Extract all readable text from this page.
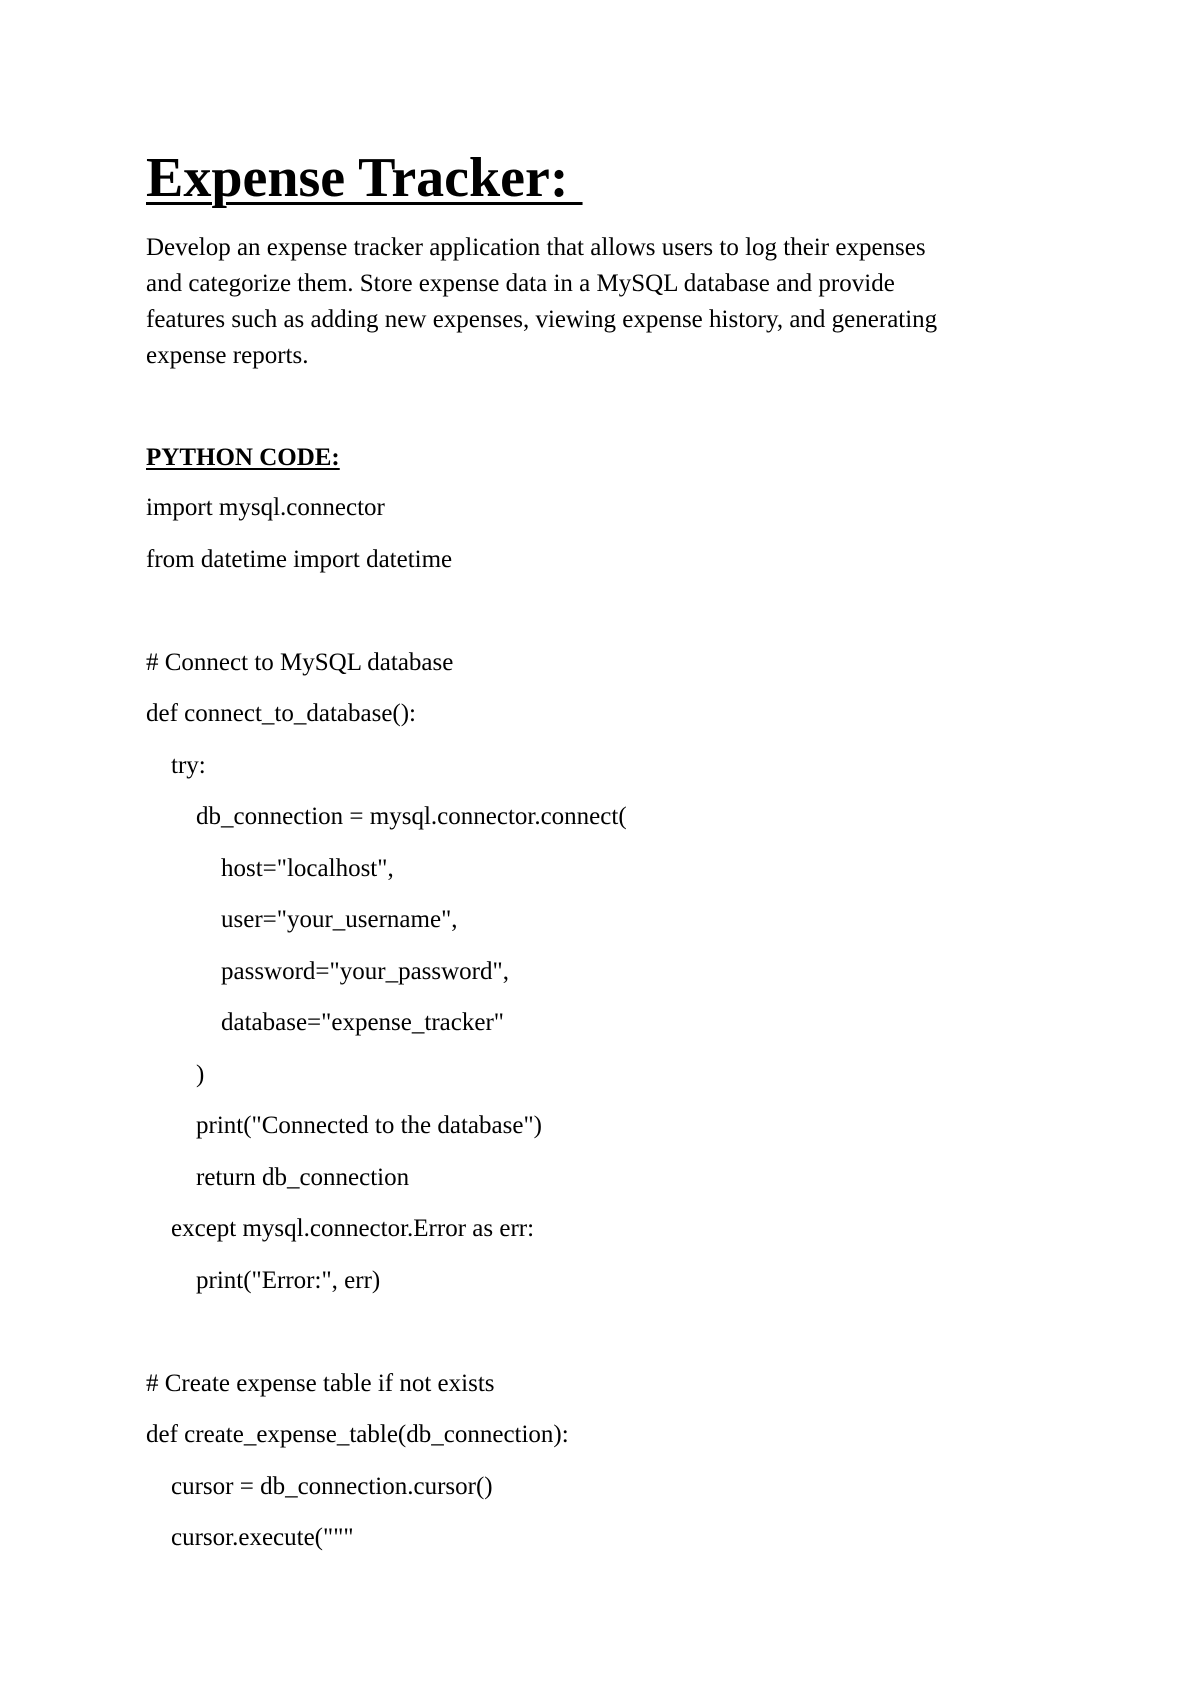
Expense Tracker:
Develop an expense tracker application that allows users to log their expenses
and categorize them. Store expense data in a MySQL database and provide
features such as adding new expenses, viewing expense history, and generating
expense reports.
PYTHON CODE:
import mysql.connector
from datetime import datetime
# Connect to MySQL database
def connect_to_database():
try:
db_connection = mysql.connector.connect(
host="localhost",
user="your_username",
password="your_password",
database="expense_tracker"
)
print("Connected to the database")
return db_connection
except mysql.connector.Error as err:
print("Error:", err)
# Create expense table if not exists
def create_expense_table(db_connection):
cursor = db_connection.cursor()
cursor.execute("""
